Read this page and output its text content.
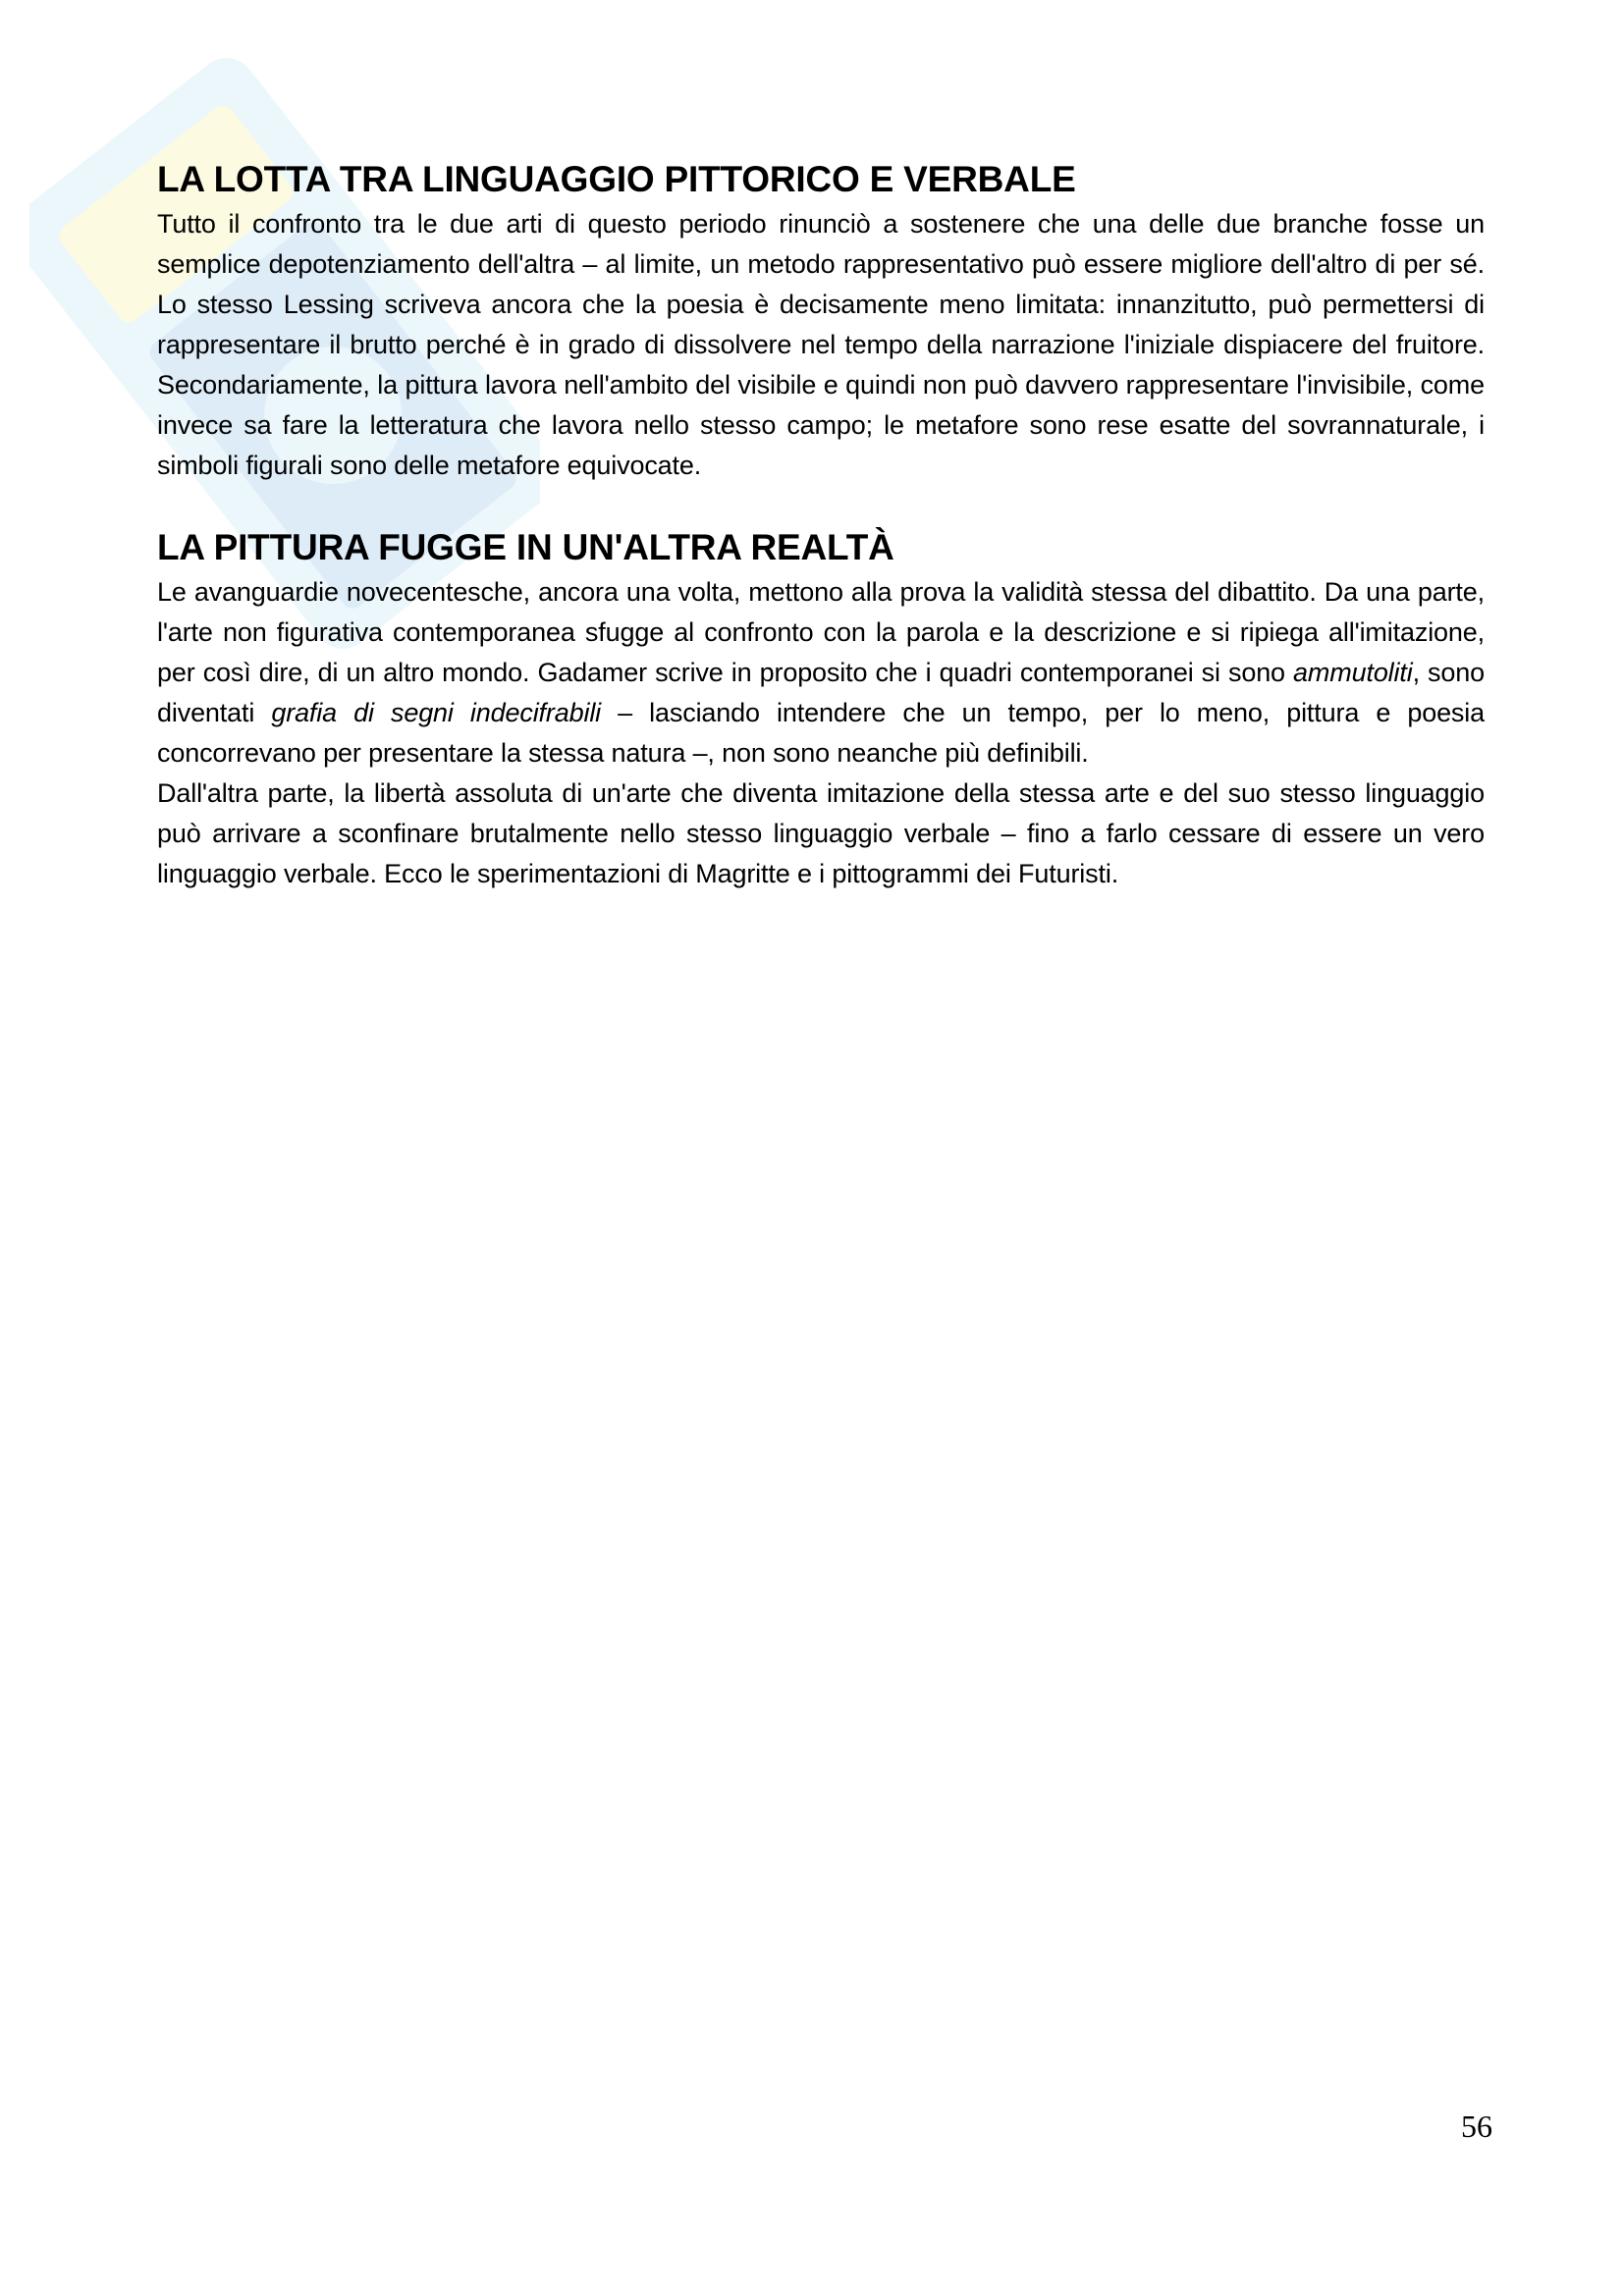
LA LOTTA TRA LINGUAGGIO PITTORICO E VERBALE

Tutto il confronto tra le due arti di questo periodo rinunciò a sostenere che una delle due branche fosse un semplice depotenziamento dell'altra – al limite, un metodo rappresentativo può essere migliore dell'altro di per sé. Lo stesso Lessing scriveva ancora che la poesia è decisamente meno limitata: innanzitutto, può permettersi di rappresentare il brutto perché è in grado di dissolvere nel tempo della narrazione l'iniziale dispiacere del fruitore. Secondariamente, la pittura lavora nell'ambito del visibile e quindi non può davvero rappresentare l'invisibile, come invece sa fare la letteratura che lavora nello stesso campo; le metafore sono rese esatte del sovrannaturale, i simboli figurali sono delle metafore equivocate.

LA PITTURA FUGGE IN UN'ALTRA REALTÀ

Le avanguardie novecentesche, ancora una volta, mettono alla prova la validità stessa del dibattito. Da una parte, l'arte non figurativa contemporanea sfugge al confronto con la parola e la descrizione e si ripiega all'imitazione, per così dire, di un altro mondo. Gadamer scrive in proposito che i quadri contemporanei si sono ammutoliti, sono diventati grafia di segni indecifrabili – lasciando intendere che un tempo, per lo meno, pittura e poesia concorrevano per presentare la stessa natura –, non sono neanche più definibili.

Dall'altra parte, la libertà assoluta di un'arte che diventa imitazione della stessa arte e del suo stesso linguaggio può arrivare a sconfinare brutalmente nello stesso linguaggio verbale – fino a farlo cessare di essere un vero linguaggio verbale. Ecco le sperimentazioni di Magritte e i pittogrammi dei Futuristi.

56
